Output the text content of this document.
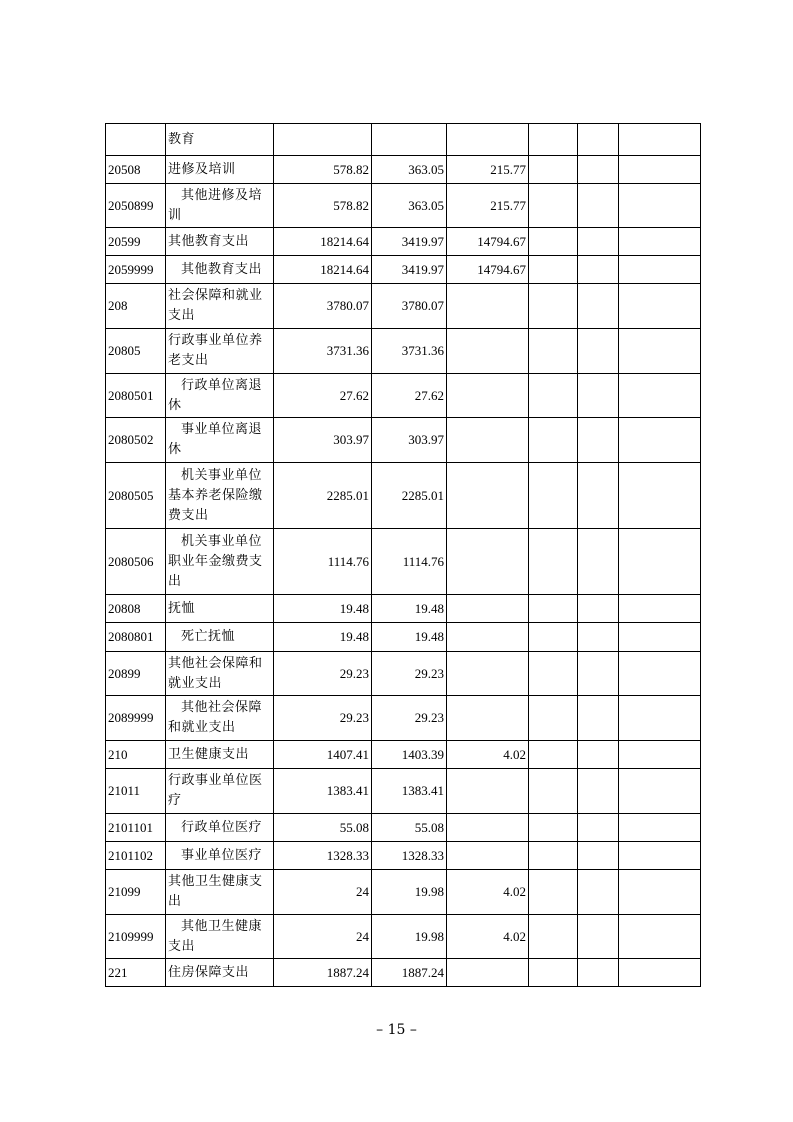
	教育						

20508	进修及培训	578.82	363.05	215.77			
2050899	其他进修及培训	578.82	363.05	215.77			
20599	其他教育支出	18214.64	3419.97	14794.67			
2059999	其他教育支出	18214.64	3419.97	14794.67			
208	社会保障和就业支出	3780.07	3780.07				
20805	行政事业单位养老支出	3731.36	3731.36				
2080501	行政单位离退休	27.62	27.62				
2080502	事业单位离退休	303.97	303.97				
2080505	机关事业单位基本养老保险缴费支出	2285.01	2285.01				
2080506	机关事业单位职业年金缴费支出	1114.76	1114.76				
20808	抚恤	19.48	19.48				
2080801	死亡抚恤	19.48	19.48				
20899	其他社会保障和就业支出	29.23	29.23				
2089999	其他社会保障和就业支出	29.23	29.23				
210	卫生健康支出	1407.41	1403.39	4.02			
21011	行政事业单位医疗	1383.41	1383.41				
2101101	行政单位医疗	55.08	55.08				
2101102	事业单位医疗	1328.33	1328.33				
21099	其他卫生健康支出	24	19.98	4.02			
2109999	其他卫生健康支出	24	19.98	4.02			
221	住房保障支出	1887.24	1887.24				
– 15 –
